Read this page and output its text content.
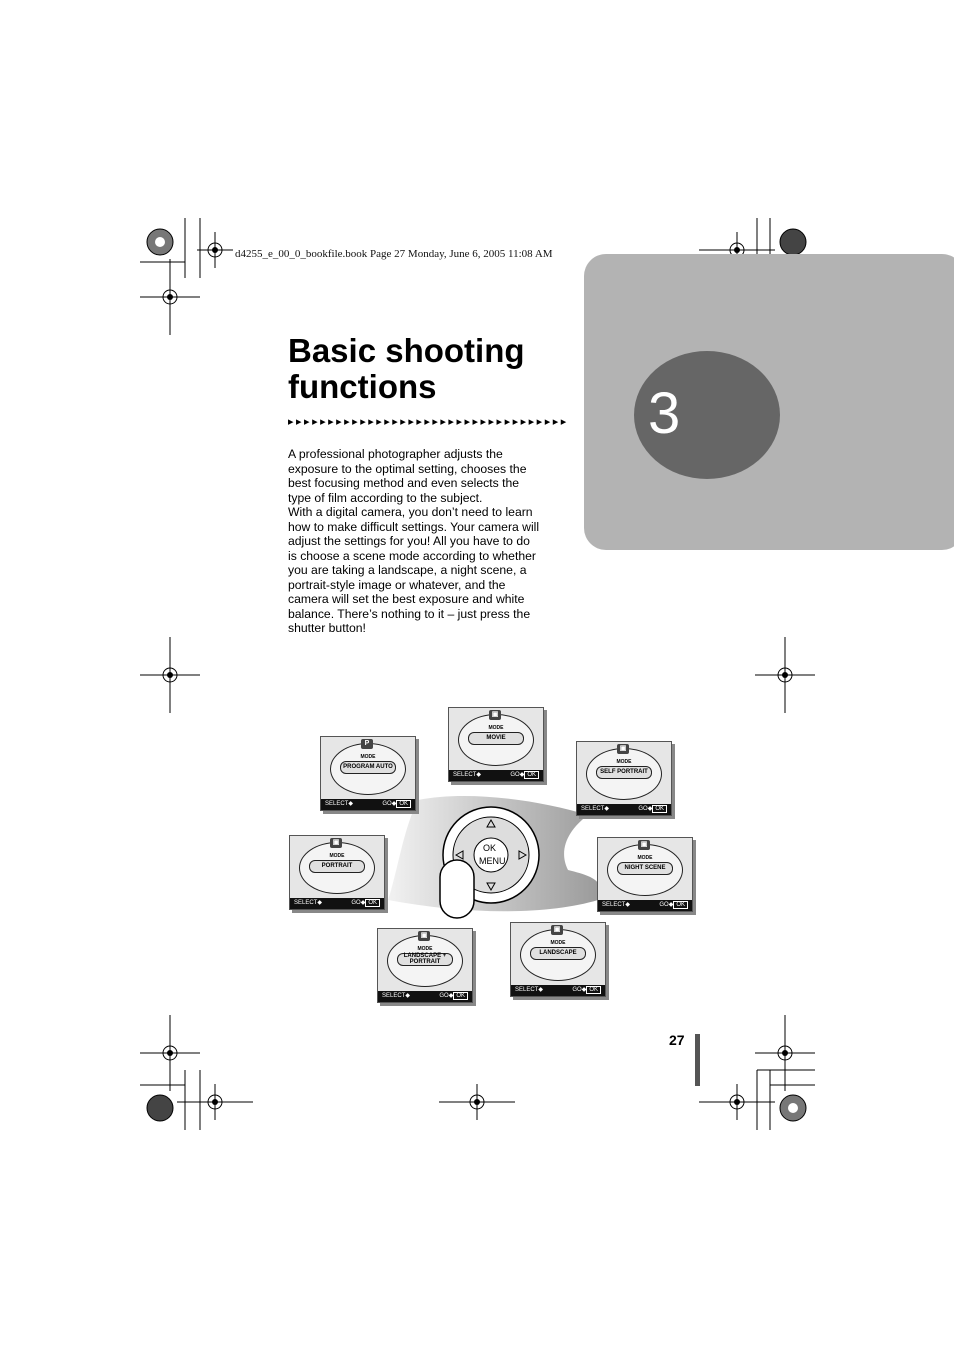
d4255_e_00_0_bookfile.book Page 27 Monday, June 6, 2005 11:08 AM
3
Basic shooting functions
▸▸▸▸▸▸▸▸▸▸▸▸▸▸▸▸▸▸▸▸▸▸▸▸▸▸▸▸▸▸▸▸▸▸▸

A professional photographer adjusts the exposure to the optimal setting, chooses the best focusing method and even selects the type of film according to the subject.

With a digital camera, you don’t need to learn how to make difficult settings. Your camera will adjust the settings for you! All you have to do is choose a scene mode according to whether you are taking a landscape, a night scene, a portrait-style image or whatever, and the camera will set the best exposure and white balance. There’s nothing to it – just press the shutter button!

OK
MENU
P
MODE
PROGRAM AUTO
SELECT◆	GO◆ OK
▣
MODE
MOVIE
SELECT◆	GO◆ OK
▣
MODE
SELF PORTRAIT
SELECT◆	GO◆ OK
▣
MODE
PORTRAIT
SELECT◆	GO◆ OK
▣
MODE
NIGHT SCENE
SELECT◆	GO◆ OK
▣
MODE
LANDSCAPE + PORTRAIT
SELECT◆	GO◆ OK
▣
MODE
LANDSCAPE
SELECT◆	GO◆ OK
27
